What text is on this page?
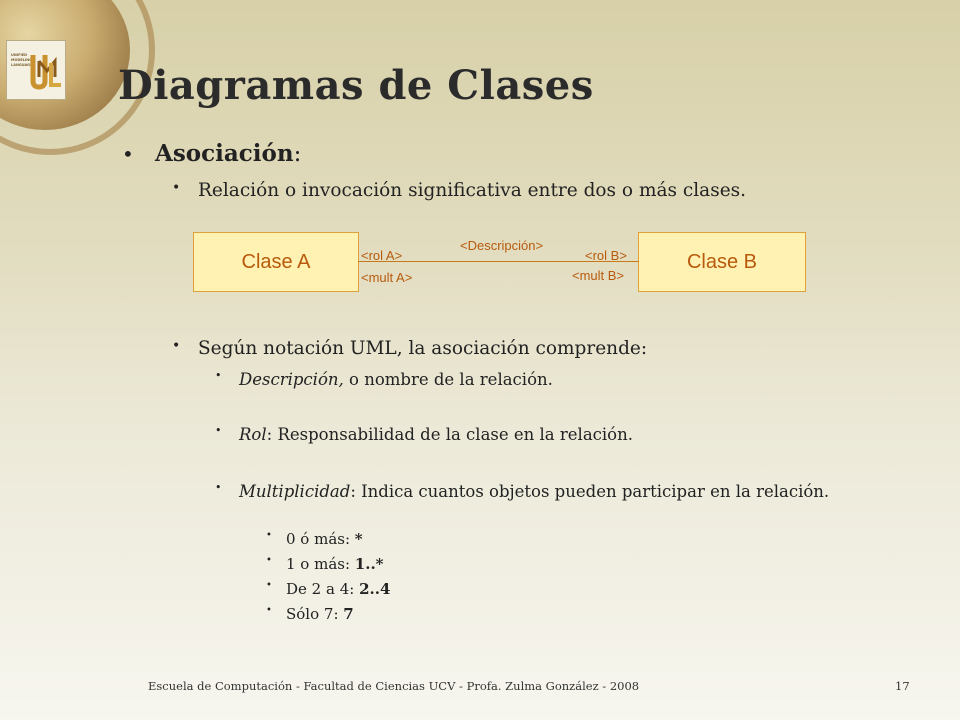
UNIFIED MODELING LANGUAGE Diagramas de Clases
• Asociación:
• Relación o invocación significativa entre dos o más clases.
Clase A	Clase B
<rol A>
<mult A>
<Descripción>
<rol B>
<mult B>
• Según notación UML, la asociación comprende:
• Descripción, o nombre de la relación.
• Rol: Responsabilidad de la clase en la relación.
• Multiplicidad: Indica cuantos objetos pueden participar en la relación.
• 0 ó más: *
• 1 o más: 1..*
• De 2 a 4: 2..4
• Sólo 7: 7
Escuela de Computación - Facultad de Ciencias UCV - Profa. Zulma González - 2008	17
